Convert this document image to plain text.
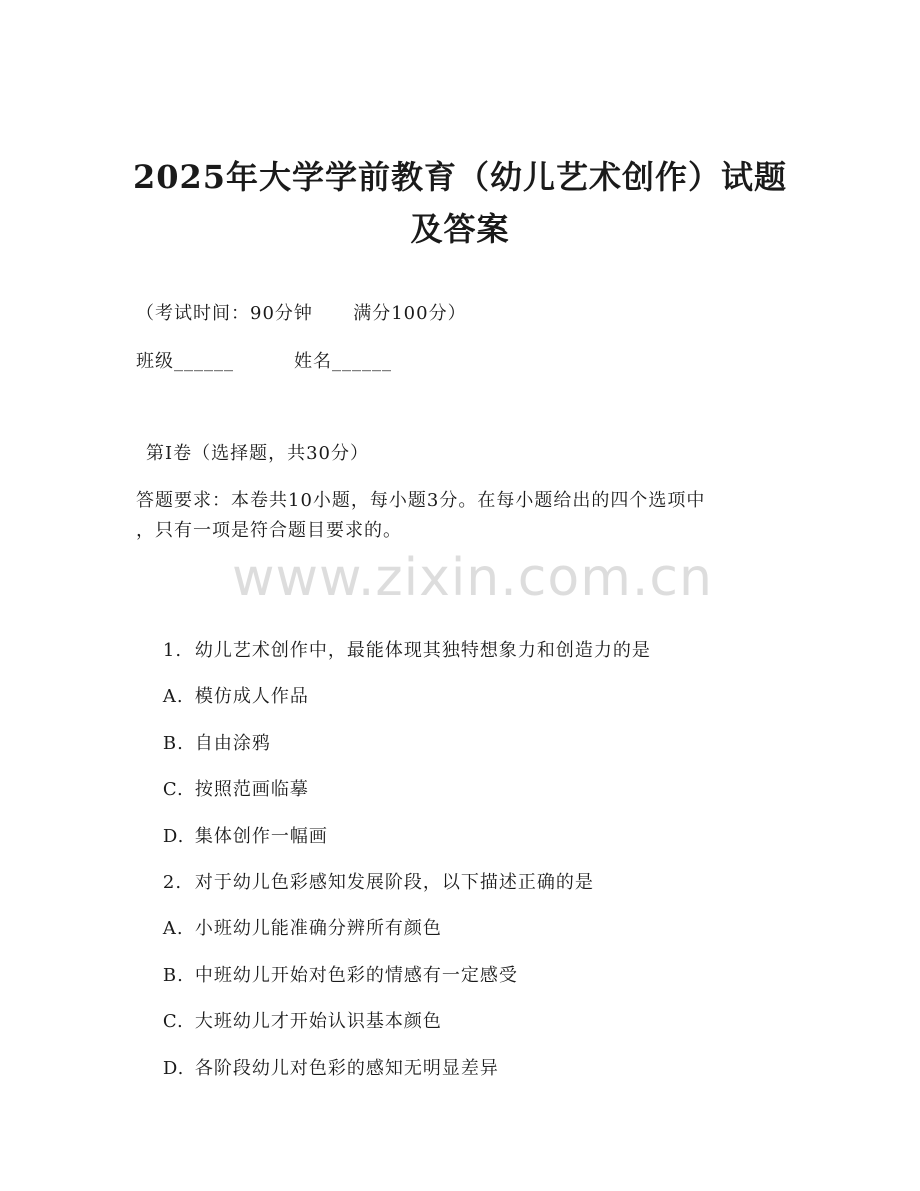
2025年大学学前教育（幼儿艺术创作）试题
及答案
（考试时间：90分钟      满分100分）
班级______	姓名______
第I卷（选择题，共30分）
答题要求：本卷共10小题，每小题3分。在每小题给出的四个选项中
，只有一项是符合题目要求的。
www.zixin.com.cn

1. 幼儿艺术创作中，最能体现其独特想象力和创造力的是

A. 模仿成人作品

B. 自由涂鸦

C. 按照范画临摹

D. 集体创作一幅画

2. 对于幼儿色彩感知发展阶段，以下描述正确的是

A. 小班幼儿能准确分辨所有颜色

B. 中班幼儿开始对色彩的情感有一定感受

C. 大班幼儿才开始认识基本颜色

D. 各阶段幼儿对色彩的感知无明显差异
